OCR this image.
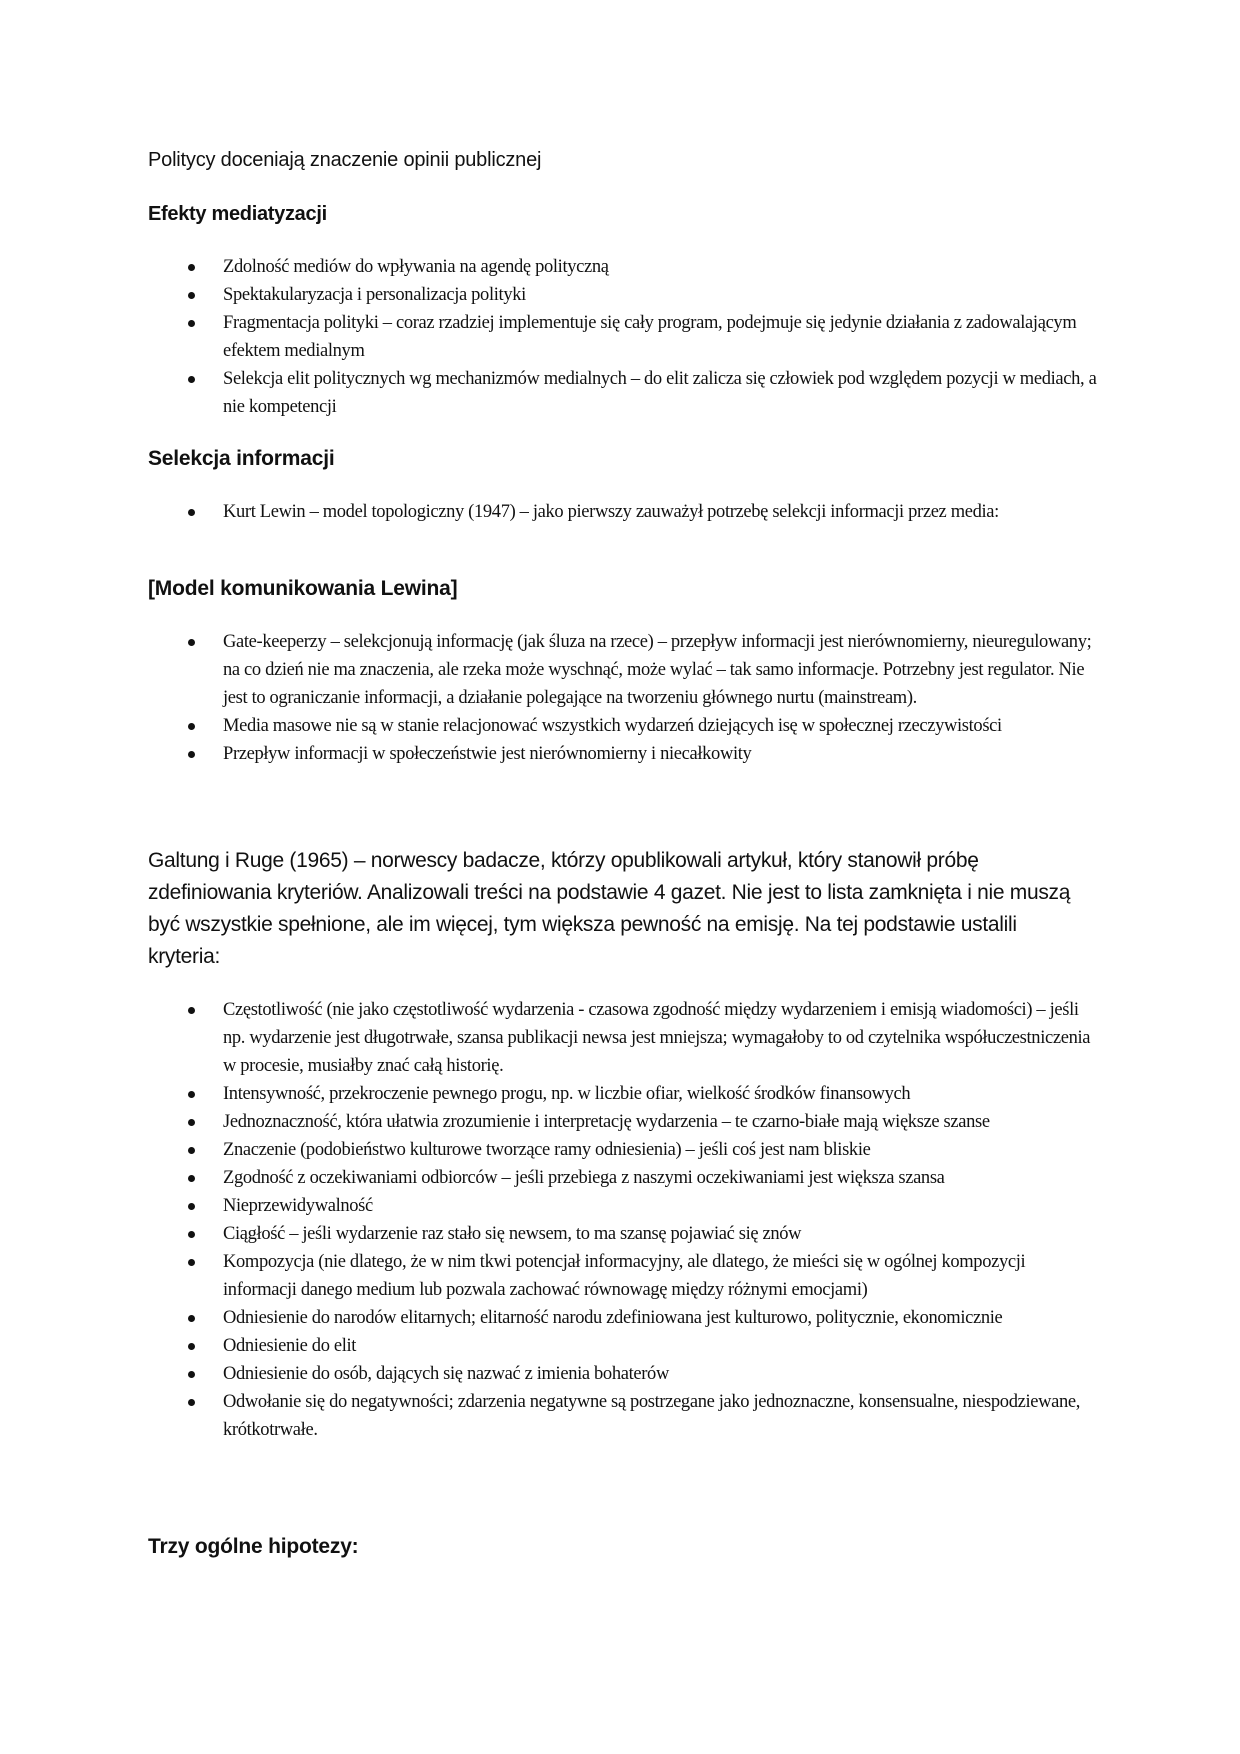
Politycy doceniają znaczenie opinii publicznej

Efekty mediatyzacji
Zdolność mediów do wpływania na agendę polityczną
Spektakularyzacja i personalizacja polityki
Fragmentacja polityki – coraz rzadziej implementuje się cały program, podejmuje się jedynie działania z zadowalającym efektem medialnym
Selekcja elit politycznych wg mechanizmów medialnych – do elit zalicza się człowiek pod względem pozycji w mediach, a nie kompetencji
Selekcja informacji
Kurt Lewin – model topologiczny (1947) – jako pierwszy zauważył potrzebę selekcji informacji przez media:
[Model komunikowania Lewina]
Gate-keeperzy – selekcjonują informację (jak śluza na rzece) – przepływ informacji jest nierównomierny, nieuregulowany; na co dzień nie ma znaczenia, ale rzeka może wyschnąć, może wylać – tak samo informacje. Potrzebny jest regulator. Nie jest to ograniczanie informacji, a działanie polegające na tworzeniu głównego nurtu (mainstream).
Media masowe nie są w stanie relacjonować wszystkich wydarzeń dziejących isę w społecznej rzeczywistości
Przepływ informacji w społeczeństwie jest nierównomierny i niecałkowity

Galtung i Ruge (1965) – norwescy badacze, którzy opublikowali artykuł, który stanowił próbę zdefiniowania kryteriów. Analizowali treści na podstawie 4 gazet. Nie jest to lista zamknięta i nie muszą być wszystkie spełnione, ale im więcej, tym większa pewność na emisję. Na tej podstawie ustalili kryteria:

Częstotliwość (nie jako częstotliwość wydarzenia - czasowa zgodność między wydarzeniem i emisją wiadomości) – jeśli np. wydarzenie jest długotrwałe, szansa publikacji newsa jest mniejsza; wymagałoby to od czytelnika współuczestniczenia w procesie, musiałby znać całą historię.
Intensywność, przekroczenie pewnego progu, np. w liczbie ofiar, wielkość środków finansowych
Jednoznaczność, która ułatwia zrozumienie i interpretację wydarzenia – te czarno-białe mają większe szanse
Znaczenie (podobieństwo kulturowe tworzące ramy odniesienia) – jeśli coś jest nam bliskie
Zgodność z oczekiwaniami odbiorców – jeśli przebiega z naszymi oczekiwaniami jest większa szansa
Nieprzewidywalność
Ciągłość – jeśli wydarzenie raz stało się newsem, to ma szansę pojawiać się znów
Kompozycja (nie dlatego, że w nim tkwi potencjał informacyjny, ale dlatego, że mieści się w ogólnej kompozycji informacji danego medium lub pozwala zachować równowagę między różnymi emocjami)
Odniesienie do narodów elitarnych; elitarność narodu zdefiniowana jest kulturowo, politycznie, ekonomicznie
Odniesienie do elit
Odniesienie do osób, dających się nazwać z imienia bohaterów
Odwołanie się do negatywności; zdarzenia negatywne są postrzegane jako jednoznaczne, konsensualne, niespodziewane, krótkotrwałe.
Trzy ogólne hipotezy:
